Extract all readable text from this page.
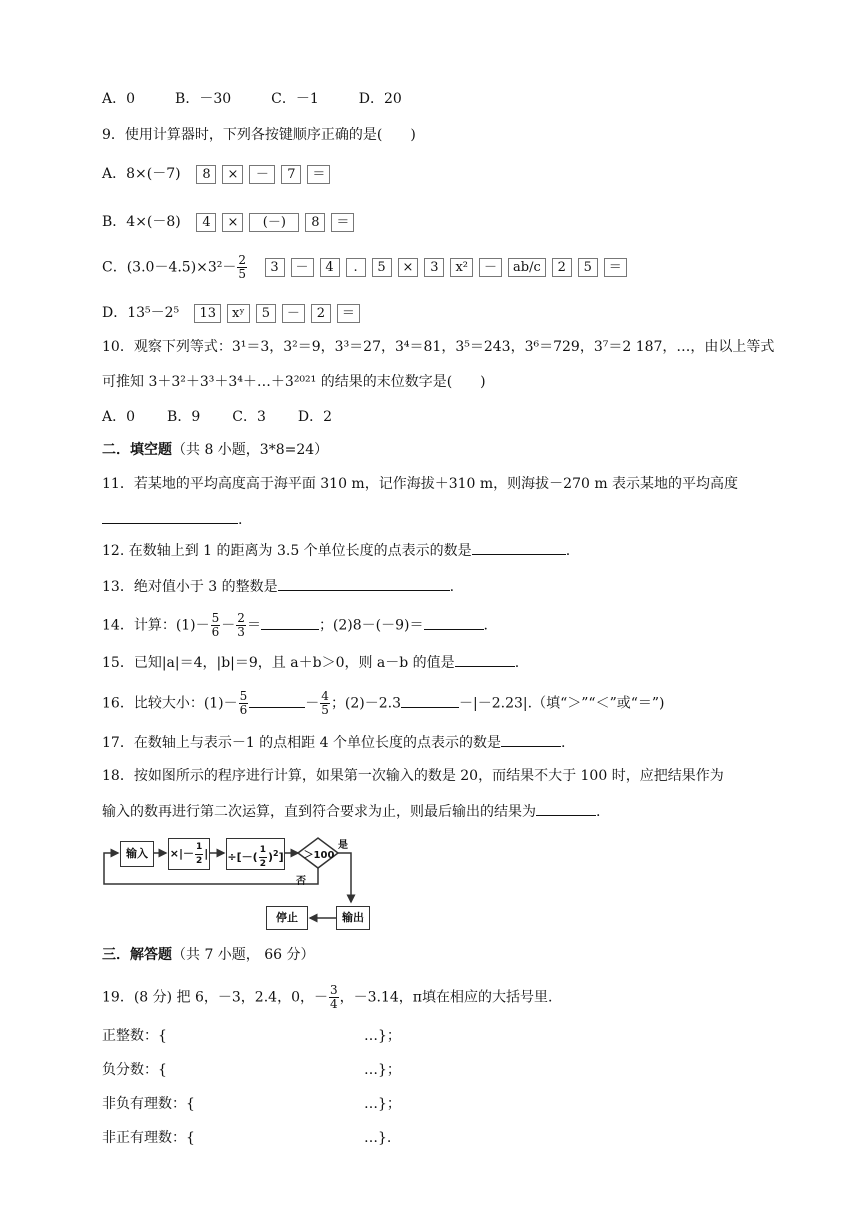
A．0	B．－30	C．－1	D．20
9．使用计算器时，下列各按键顺序正确的是(　　)
A．8×(－7) 8 × － 7 ＝
B．4×(－8) 4 × (－) 8 ＝
C．$(3.0-4.5)\times 3^2- \frac{2}{5} 3 - 4$ . 5 × 3 x² － ab/c 2 5 ＝
D．13⁵－2⁵ 13 xʸ 5 － 2 ＝
10．观察下列等式：3¹＝3，3²＝9，3³＝27，3⁴＝81，3⁵＝243，3⁶＝729，3⁷＝2 187，…，由以上等式
可推知 3＋3²＋3³＋3⁴＋…＋3²⁰²¹ 的结果的末位数字是(　　)
A．0 B．9 C．3 D．2
二．填空题（共 8 小题，3*8=24）
11．若某地的平均高度高于海平面 310 m，记作海拔＋310 m，则海拔－270 m 表示某地的平均高度
.
12. 在数轴上到 1 的距离为 3.5 个单位长度的点表示的数是	.
13．绝对值小于 3 的整数是	.
14．计算：$(1)- \frac{5}{6} - \frac{2}{3}$ ＝	；(2)8－(－9)＝	.
15．已知|a|＝4，|b|＝9，且 a＋b＞0，则 a－b 的值是	.
16．比较大小：$(1)- \frac{5}{6}$	－ $\frac{4}{5}$ ；(2)－2.3	－|－2.23|.（填“＞”“＜”或“＝”)
17．在数轴上与表示－1 的点相距 4 个单位长度的点表示的数是	.
18．按如图所示的程序进行计算，如果第一次输入的数是 20，而结果不大于 100 时，应把结果作为
输入的数再进行第二次运算，直到符合要求为止，则最后输出的结果为	.
输入	×|－ $\frac{1}{2}$ | ÷[－( $\frac{1}{2} )^2] >100$
是
否
输出
停止
三．解答题（共 7 小题， 66 分）
19．(8 分) 把 6，－3，2.4，0，－ $\frac{3}{4}$ ，－3.14，π填在相应的大括号里.
正整数：{	…}；
负分数：{	…}；
非负有理数：{	…}；
非正有理数：{	…}.
